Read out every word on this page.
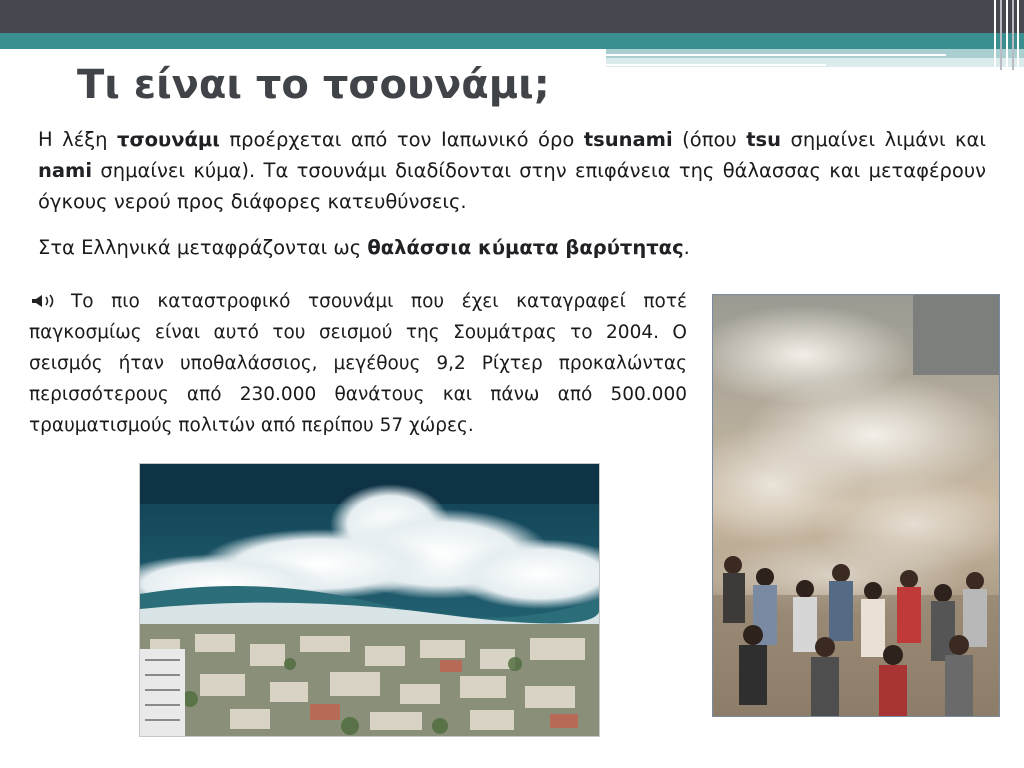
Τι είναι το τσουνάμι;

Η λέξη τσουνάμι προέρχεται από τον Ιαπωνικό όρο tsunami (όπου tsu σημαίνει λιμάνι και nami σημαίνει κύμα). Τα τσουνάμι διαδίδονται στην επιφάνεια της θάλασσας και μεταφέρουν όγκους νερού προς διάφορες κατευθύνσεις.

Στα Ελληνικά μεταφράζονται ως θαλάσσια κύματα βαρύτητας.

Το πιο καταστροφικό τσουνάμι που έχει καταγραφεί ποτέ παγκοσμίως είναι αυτό του σεισμού της Σουμάτρας το 2004. Ο σεισμός ήταν υποθαλάσσιος, μεγέθους 9,2 Ρίχτερ προκαλώντας περισσότερους από 230.000 θανάτους και πάνω από 500.000 τραυματισμούς πολιτών από περίπου 57 χώρες.
